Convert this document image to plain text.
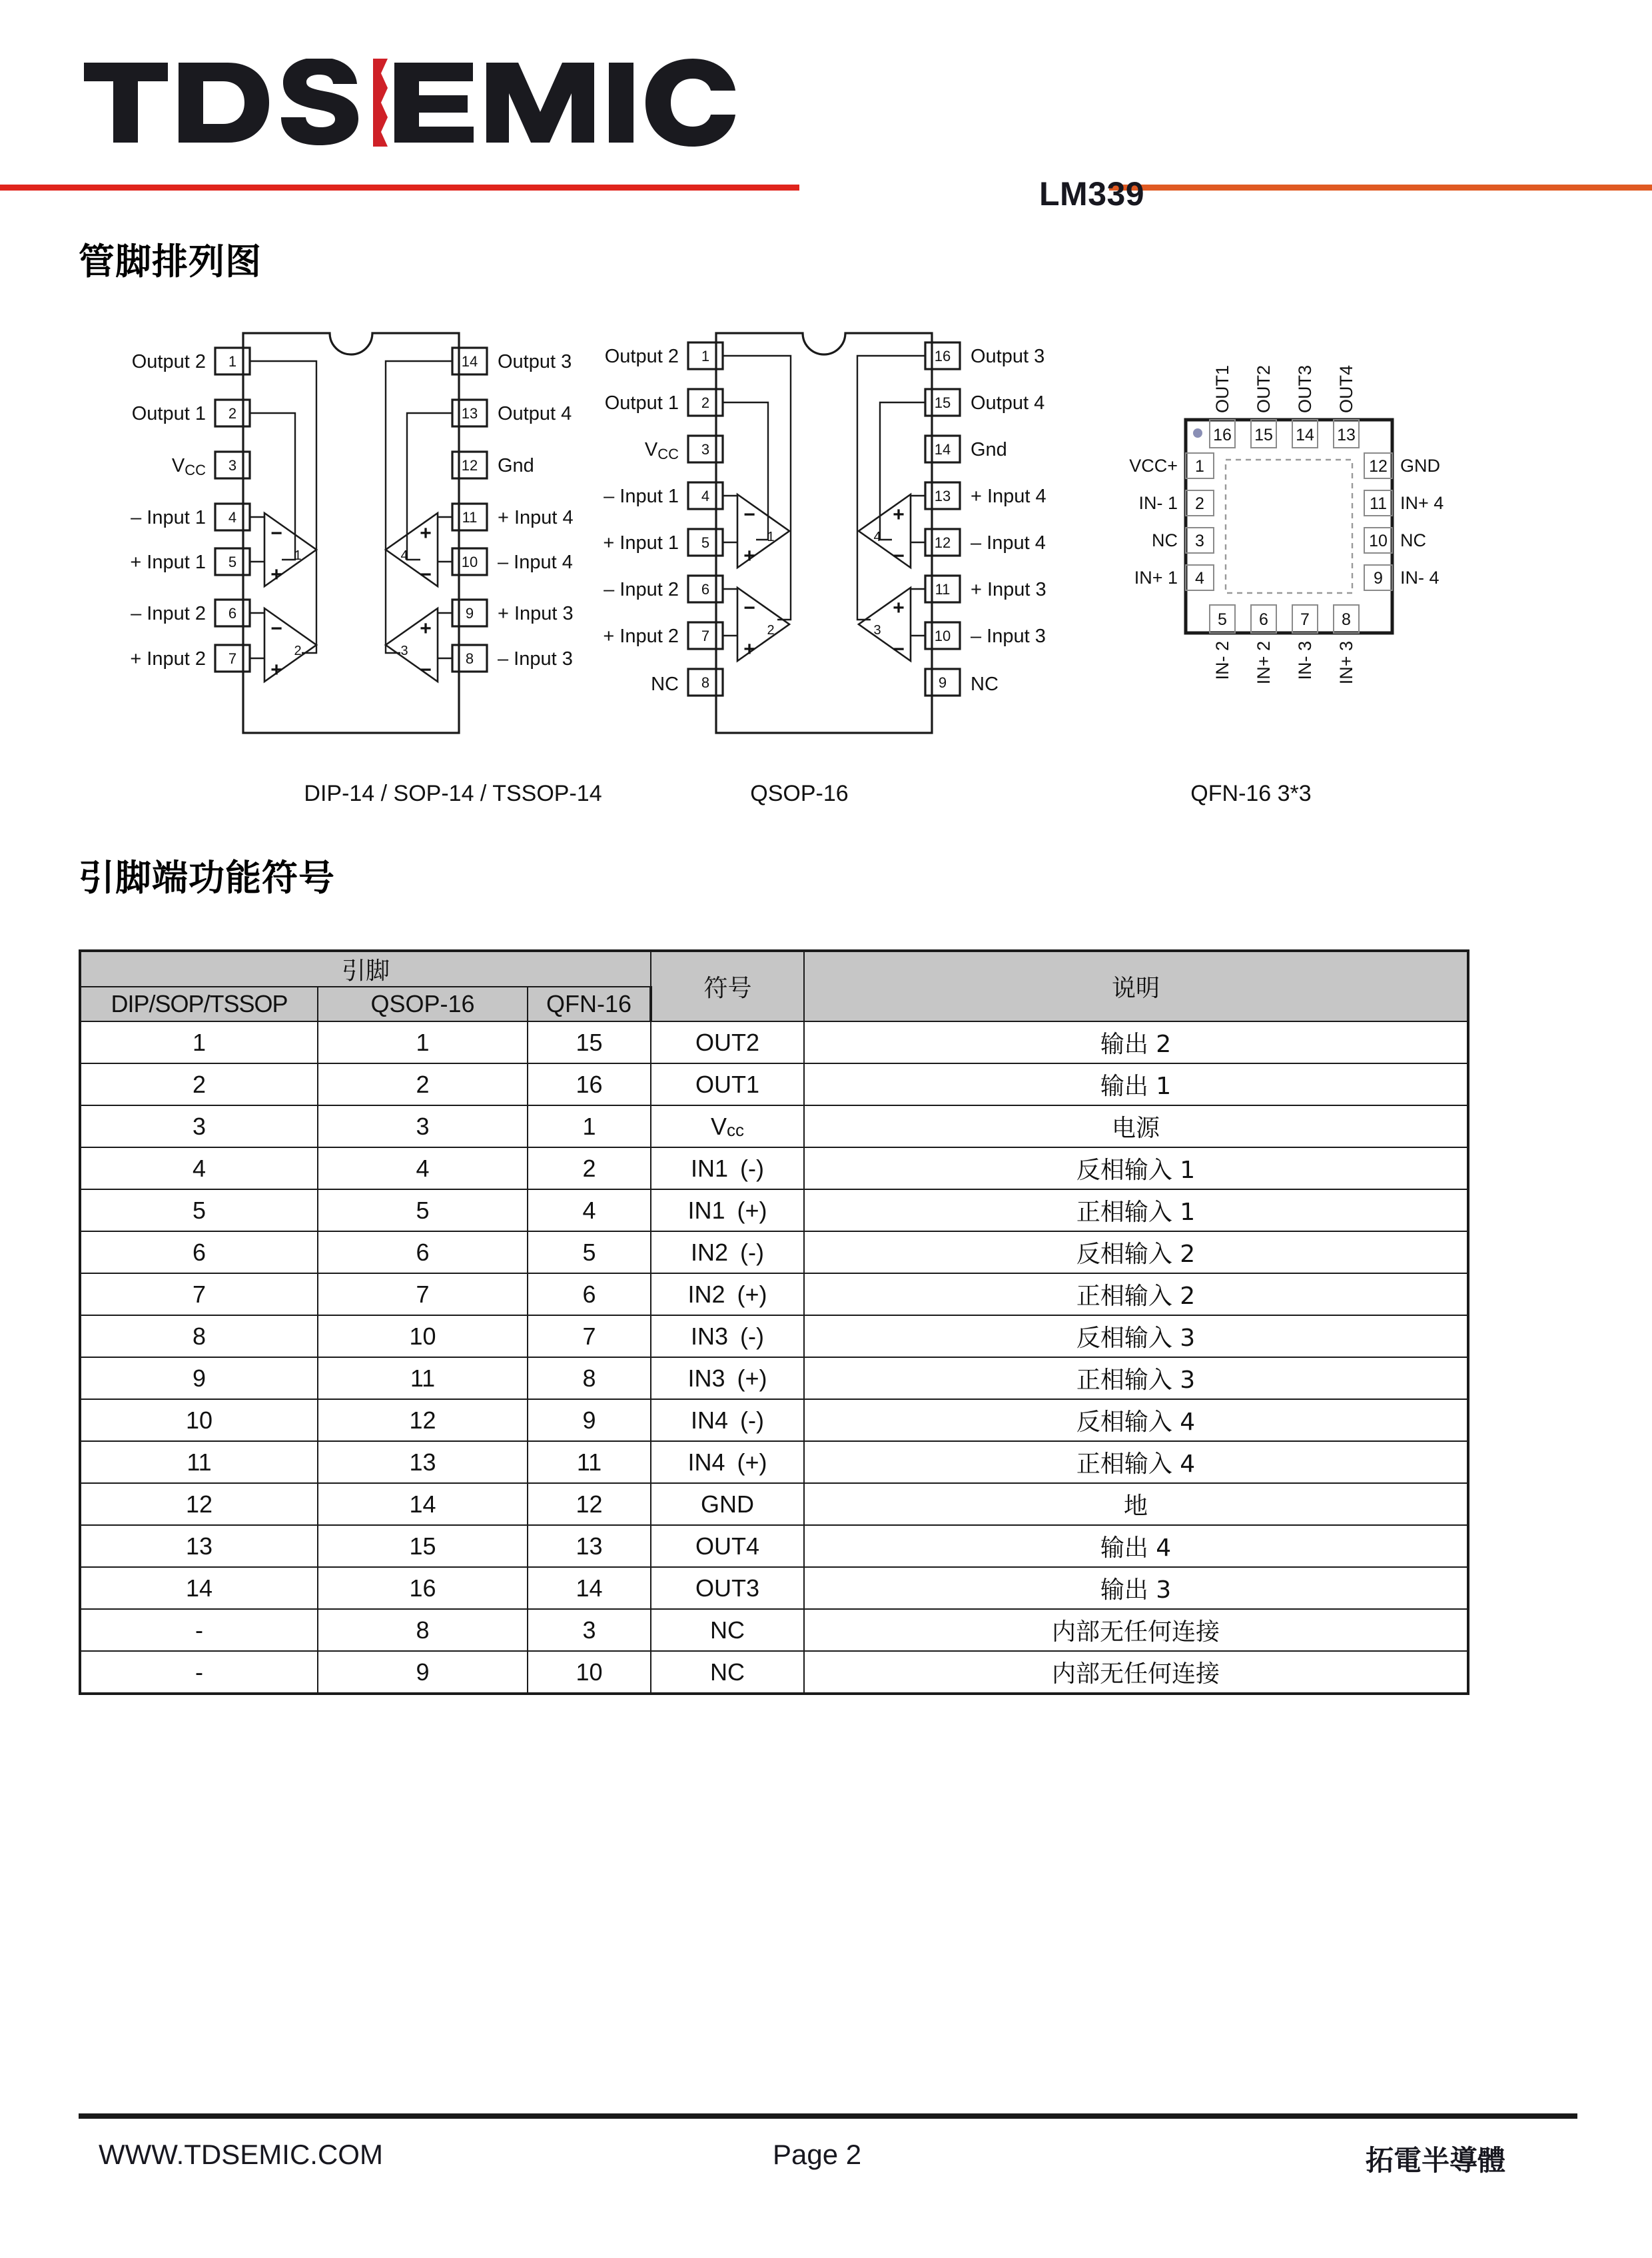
LM339
管脚排列图
1
2
3
4
5
6
7
14
13
12
11
10
9
8
Output 2
Output 1
VCC
– Input 1
+ Input 1
– Input 2
+ Input 2
Output 3
Output 4
Gnd
+ Input 4
– Input 4
+ Input 3
– Input 3
−
+
−
+
+
−
+
−
1
2	3
4
1
2
3
4
5
6
7
8
16
15
14
13
12
11
10
9
Output 2
Output 1
VCC
– Input 1
+ Input 1
– Input 2
+ Input 2
NC
Output 3
Output 4
Gnd
+ Input 4
– Input 4
+ Input 3
– Input 3
NC
−
+
−
+
+
−
+
−
1
2	3
4
16 15 14 13
1
2
3
4
12
11
10
9
5 6 7 8
OUT1 OUT2 OUT3 OUT4
VCC+
IN- 1
NC
IN+ 1
GND
IN+ 4
NC
IN- 4
IN- 2 IN+ 2 IN- 3 IN+ 3
DIP-14 / SOP-14 / TSSOP-14	QSOP-16	QFN-16 3*3
引脚端功能符号
引脚			符号	说明
DIP/SOP/TSSOP	QSOP-16	QFN-16		
1	1	15	OUT2	输出 2
2	2	16	OUT1	输出 1
3	3	1	Vcc	电源
4	4	2	IN1 (-)	反相输入 1
5	5	4	IN1 (+)	正相输入 1
6	6	5	IN2 (-)	反相输入 2
7	7	6	IN2 (+)	正相输入 2
8	10	7	IN3 (-)	反相输入 3
9	11	8	IN3 (+)	正相输入 3
10	12	9	IN4 (-)	反相输入 4
11	13	11	IN4 (+)	正相输入 4
12	14	12	GND	地
13	15	13	OUT4	输出 4
14	16	14	OUT3	输出 3
-	8	3	NC	内部无任何连接
-	9	10	NC	内部无任何连接
WWW.TDSEMIC.COM	Page 2	拓電半導體
